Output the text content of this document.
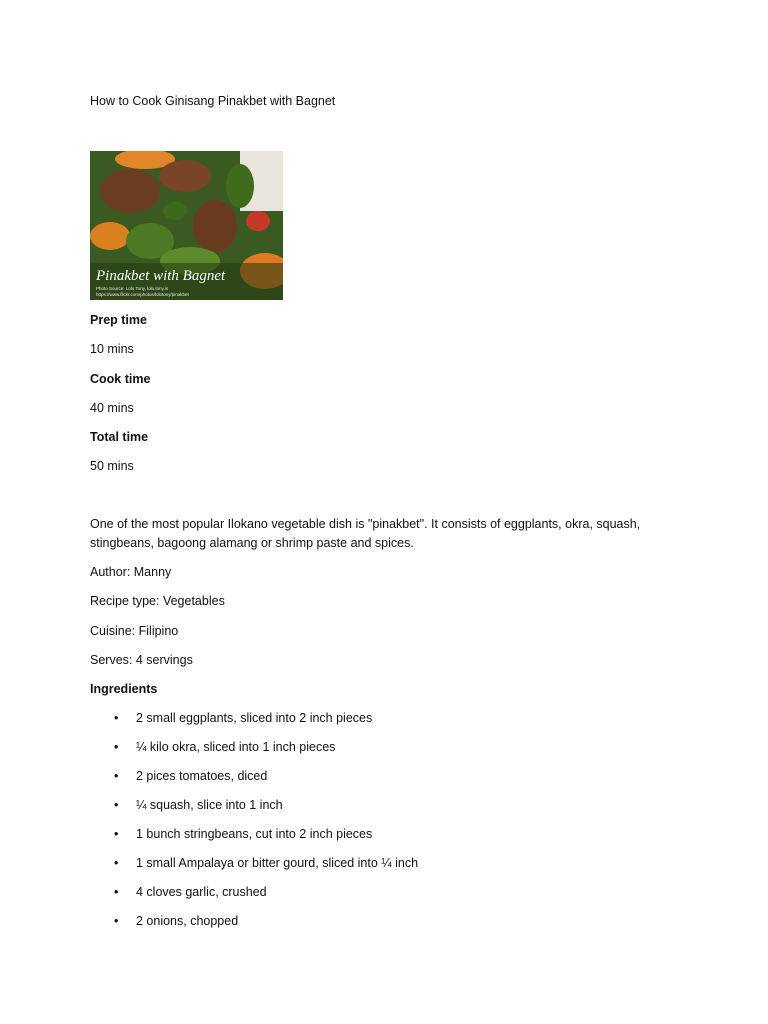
How to Cook Ginisang Pinakbet with Bagnet
Pinakbet with Bagnet
Photo Source: Lolo Tony, lolo.tony.is
https://www.flickr.com/photos/lolotony/pinakbet
Prep time
10 mins
Cook time
40 mins
Total time
50 mins
One of the most popular Ilokano vegetable dish is "pinakbet". It consists of eggplants, okra, squash,
stingbeans, bagoong alamang or shrimp paste and spices.
Author: Manny
Recipe type: Vegetables
Cuisine: Filipino
Serves: 4 servings
Ingredients
• 2 small eggplants, sliced into 2 inch pieces
• ¼ kilo okra, sliced into 1 inch pieces
• 2 pices tomatoes, diced
• ¼ squash, slice into 1 inch
• 1 bunch stringbeans, cut into 2 inch pieces
• 1 small Ampalaya or bitter gourd, sliced into ¼ inch
• 4 cloves garlic, crushed
• 2 onions, chopped
